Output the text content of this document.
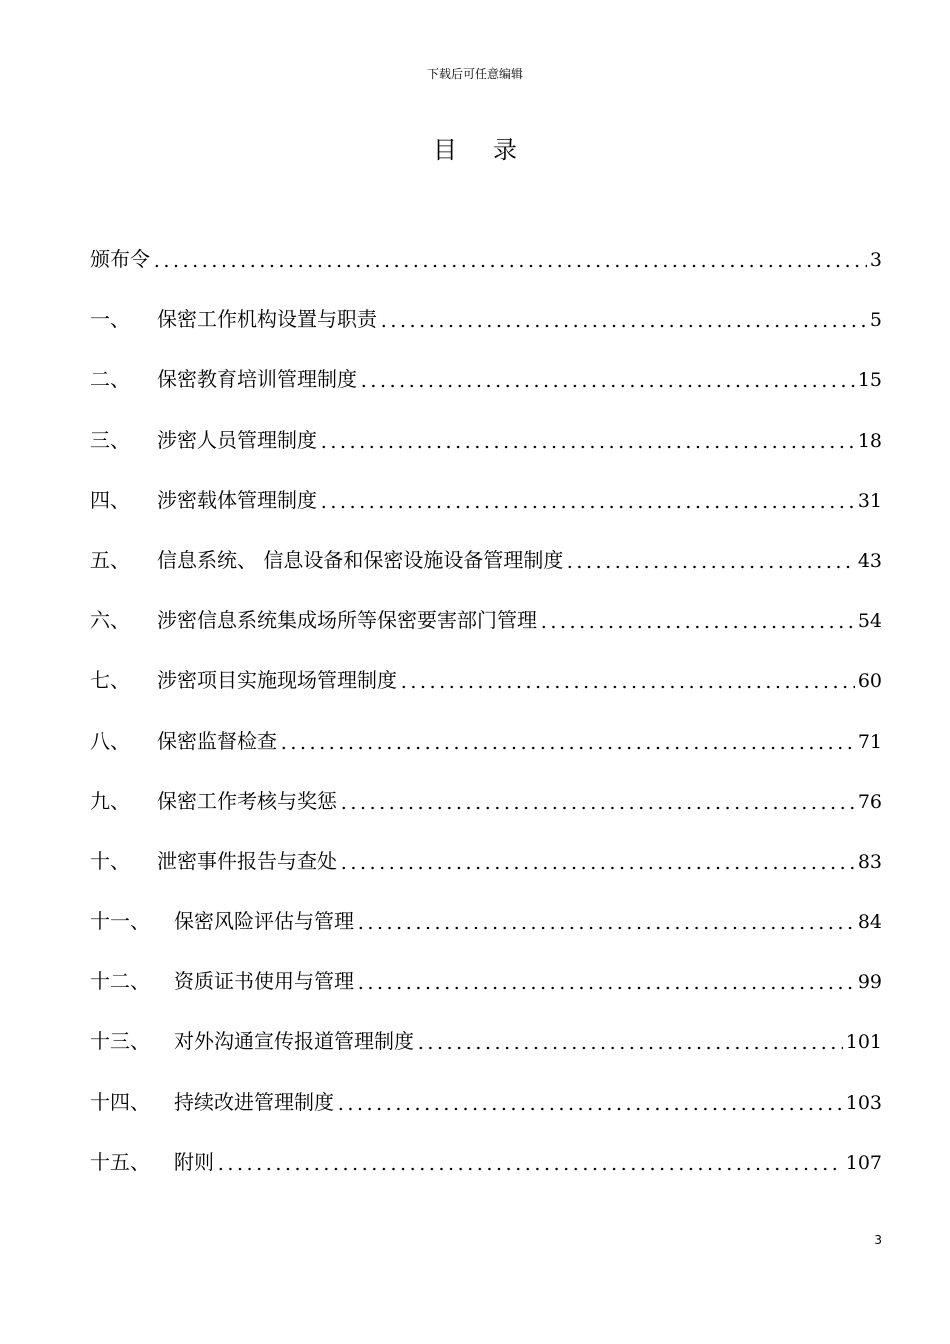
下载后可任意编辑
目 录
颁布令	3
一、	保密工作机构设置与职责	5
二、	保密教育培训管理制度	15
三、	涉密人员管理制度	18
四、	涉密载体管理制度	31
五、	信息系统、 信息设备和保密设施设备管理制度	43
六、	涉密信息系统集成场所等保密要害部门管理	54
七、	涉密项目实施现场管理制度	60
八、	保密监督检查	71
九、	保密工作考核与奖惩	76
十、	泄密事件报告与查处	83
十一、	保密风险评估与管理	84
十二、	资质证书使用与管理	99
十三、	对外沟通宣传报道管理制度	101
十四、	持续改进管理制度	103
十五、	附则	107
3
